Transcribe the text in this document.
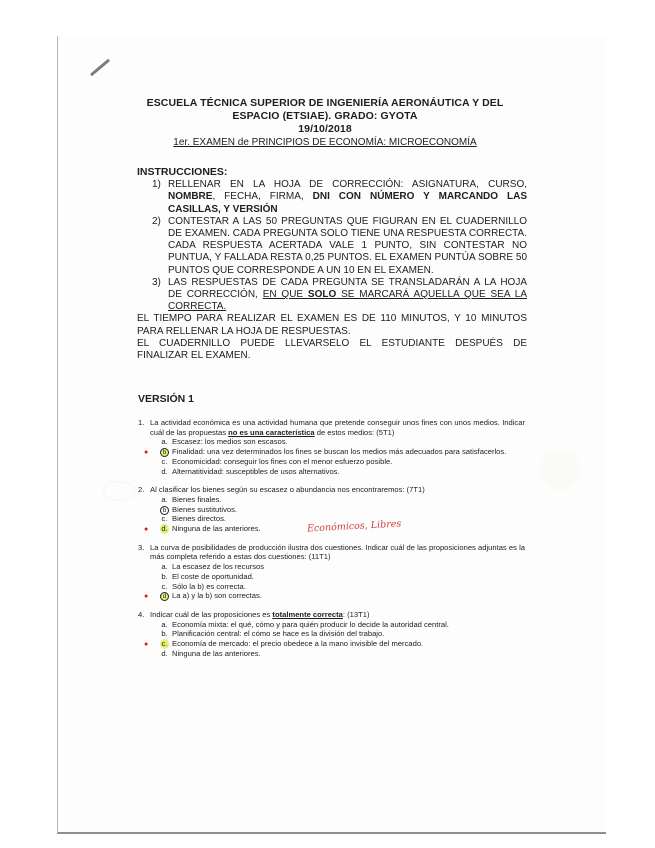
ESCUELA TÉCNICA SUPERIOR DE INGENIERÍA AERONÁUTICA Y DEL
ESPACIO (ETSIAE). GRADO: GYOTA
19/10/2018
1er. EXAMEN de PRINCIPIOS DE ECONOMÍA: MICROECONOMÍA
INSTRUCCIONES:
1) RELLENAR EN LA HOJA DE CORRECCIÓN: ASIGNATURA, CURSO, NOMBRE, FECHA, FIRMA, DNI CON NÚMERO Y MARCANDO LAS CASILLAS, Y VERSIÓN
2) CONTESTAR A LAS 50 PREGUNTAS QUE FIGURAN EN EL CUADERNILLO DE EXAMEN. CADA PREGUNTA SOLO TIENE UNA RESPUESTA CORRECTA. CADA RESPUESTA ACERTADA VALE 1 PUNTO, SIN CONTESTAR NO PUNTUA, Y FALLADA RESTA 0,25 PUNTOS. EL EXAMEN PUNTÚA SOBRE 50 PUNTOS QUE CORRESPONDE A UN 10 EN EL EXAMEN.
3) LAS RESPUESTAS DE CADA PREGUNTA SE TRANSLADARÁN A LA HOJA DE CORRECCIÓN, EN QUE SOLO SE MARCARÁ AQUELLA QUE SEA LA CORRECTA.

EL TIEMPO PARA REALIZAR EL EXAMEN ES DE 110 MINUTOS, Y 10 MINUTOS PARA RELLENAR LA HOJA DE RESPUESTAS.

EL CUADERNILLO PUEDE LLEVARSELO EL ESTUDIANTE DESPUÉS DE FINALIZAR EL EXAMEN.

VERSIÓN 1
1. La actividad económica es una actividad humana que pretende conseguir unos fines con unos medios. Indicar cuál de las propuestas no es una característica de estos medios: (5T1)
a. Escasez: los medios son escasos.
●	b Finalidad: una vez determinados los fines se buscan los medios más adecuados para satisfacerlos.
c. Economicidad: conseguir los fines con el menor esfuerzo posible.
d. Alternatitividad: susceptibles de usos alternativos.
2. Al clasificar los bienes según su escasez o abundancia nos encontraremos: (7T1)
a. Bienes finales.
b Bienes sustitutivos.
c. Bienes directos.
● d. Ninguna de las anteriores.
3. La curva de posibilidades de producción ilustra dos cuestiones. Indicar cuál de las proposiciones adjuntas es la más completa referido a estas dos cuestiones: (11T1)
a. La escasez de los recursos
b. El coste de oportunidad.
c. Sólo la b) es correcta.
●	d La a) y la b) son correctas.
4. Indicar cuál de las proposiciones es totalmente correcta: (13T1)
a. Economía mixta: el qué, cómo y para quién producir lo decide la autoridad central.
b. Planificación central: el cómo se hace es la división del trabajo.
● c. Economía de mercado: el precio obedece a la mano invisible del mercado.
d. Ninguna de las anteriores.
Económicos, Libres
